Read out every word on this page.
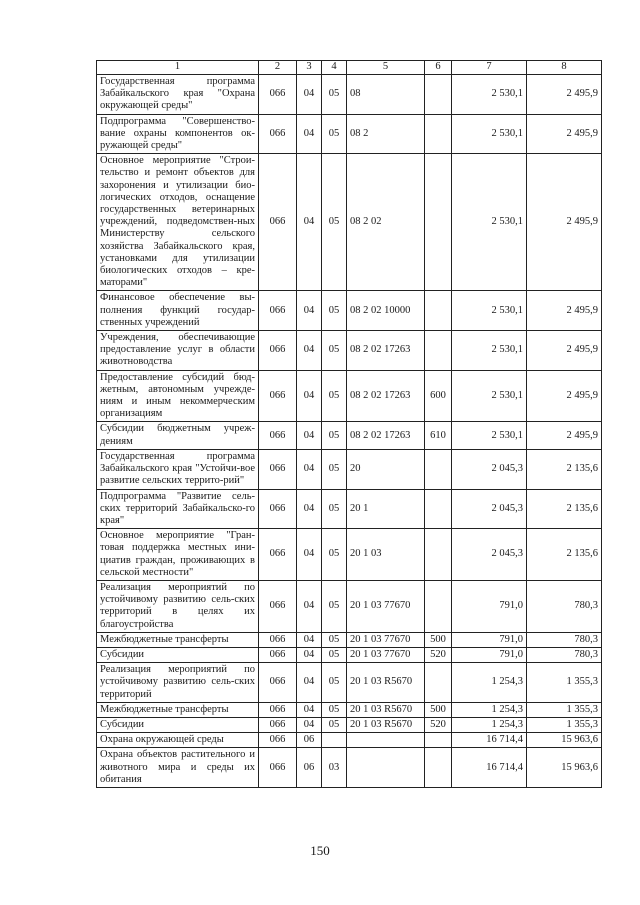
1	2	3	4	5	6	7	8
Государственная программа Забайкальского края "Охрана окружающей среды"	066	04	05	08		2 530,1	2 495,9
Подпрограмма "Совершенство-вание охраны компонентов ок-ружающей среды"	066	04	05	08 2		2 530,1	2 495,9
Основное мероприятие "Строи-тельство и ремонт объектов для захоронения и утилизации био-логических отходов, оснащение государственных ветеринарных учреждений, подведомствен-ных Министерству сельского хозяйства Забайкальского края, установками для утилизации биологических отходов – кре-маторами"	066	04	05	08 2 02		2 530,1	2 495,9
Финансовое обеспечение вы-полнения функций государ-ственных учреждений	066	04	05	08 2 02 10000		2 530,1	2 495,9
Учреждения, обеспечивающие предоставление услуг в области животноводства	066	04	05	08 2 02 17263		2 530,1	2 495,9
Предоставление субсидий бюд-жетным, автономным учрежде-ниям и иным некоммерческим организациям	066	04	05	08 2 02 17263	600	2 530,1	2 495,9
Субсидии бюджетным учреж-дениям	066	04	05	08 2 02 17263	610	2 530,1	2 495,9
Государственная программа Забайкальского края "Устойчи-вое развитие сельских террито-рий"	066	04	05	20		2 045,3	2 135,6
Подпрограмма "Развитие сель-ских территорий Забайкальско-го края"	066	04	05	20 1		2 045,3	2 135,6
Основное мероприятие "Гран-товая поддержка местных ини-циатив граждан, проживающих в сельской местности"	066	04	05	20 1 03		2 045,3	2 135,6
Реализация мероприятий по устойчивому развитию сель-ских территорий в целях их благоустройства	066	04	05	20 1 03 77670		791,0	780,3
Межбюджетные трансферты	066	04	05	20 1 03 77670	500	791,0	780,3
Субсидии	066	04	05	20 1 03 77670	520	791,0	780,3
Реализация мероприятий по устойчивому развитию сель-ских территорий	066	04	05	20 1 03 R5670		1 254,3	1 355,3
Межбюджетные трансферты	066	04	05	20 1 03 R5670	500	1 254,3	1 355,3
Субсидии	066	04	05	20 1 03 R5670	520	1 254,3	1 355,3
Охрана окружающей среды	066	06				16 714,4	15 963,6
Охрана объектов растительного и животного мира и среды их обитания	066	06	03			16 714,4	15 963,6
150
